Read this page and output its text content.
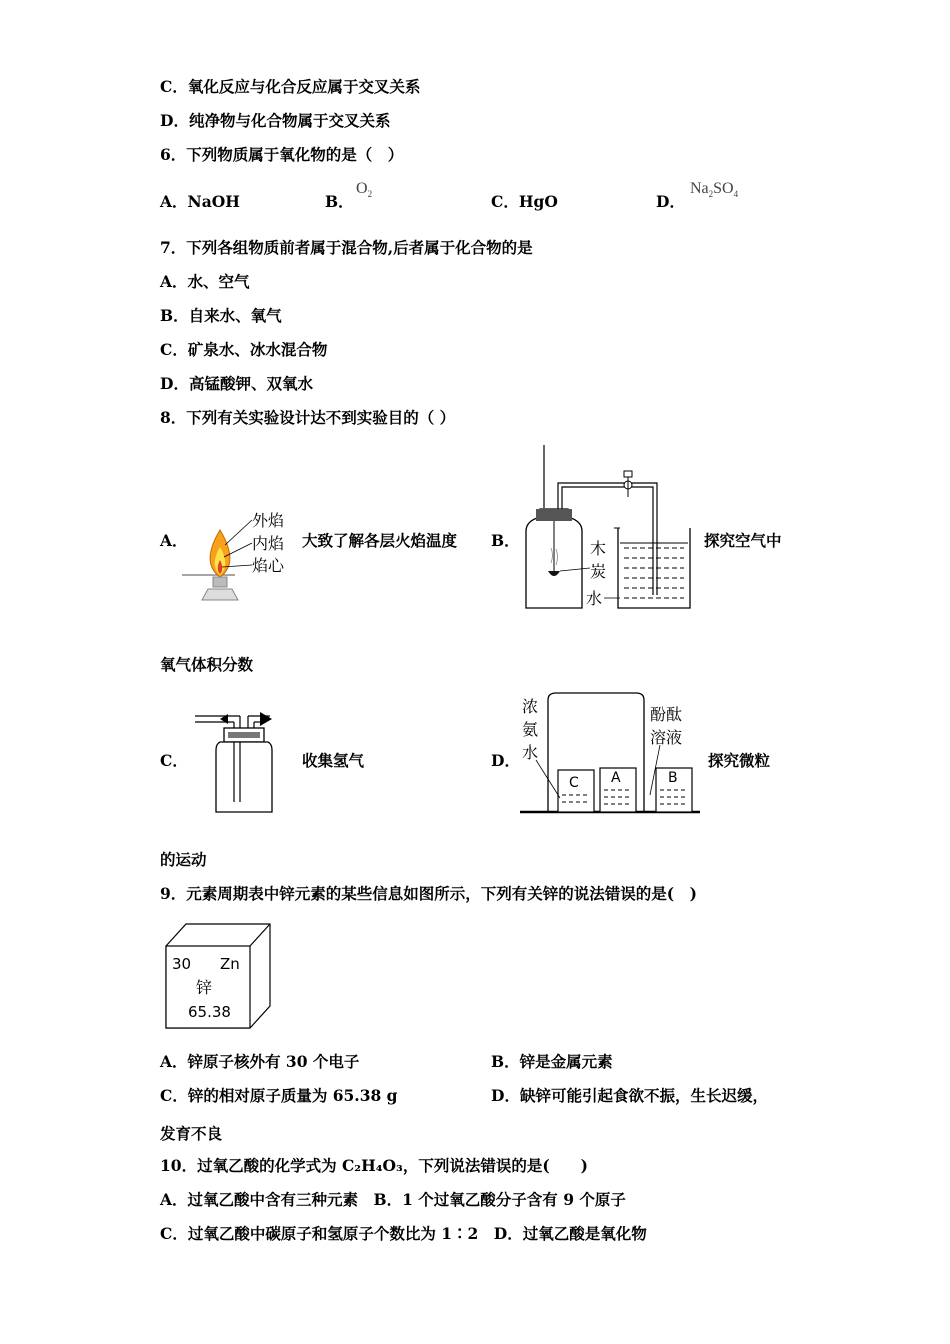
C．氧化反应与化合反应属于交叉关系
D．纯净物与化合物属于交叉关系
6．下列物质属于氧化物的是（　）
A．NaOH	B．
$O_2$	C．HgO	D．
$Na_2SO_4$
7．下列各组物质前者属于混合物,后者属于化合物的是
A．水、空气
B．自来水、氧气
C．矿泉水、冰水混合物
D．高锰酸钾、双氧水
8．下列有关实验设计达不到实验目的（ ）
A．
外焰
内焰
焰心
大致了解各层火焰温度 B．	木
炭
水
探究空气中
氧气体积分数
C．	收集氢气	D．
浓
氨
水
酚酞
溶液
C A	B
探究微粒
的运动
9．元素周期表中锌元素的某些信息如图所示，下列有关锌的说法错误的是(　)
30 Zn
锌
65.38
A．锌原子核外有 30 个电子	B．锌是金属元素
C．锌的相对原子质量为 65.38 g	D．缺锌可能引起食欲不振，生长迟缓，
发育不良
10．过氧乙酸的化学式为 C₂H₄O₃，下列说法错误的是(　　)
A．过氧乙酸中含有三种元素　B．1 个过氧乙酸分子含有 9 个原子
C．过氧乙酸中碳原子和氢原子个数比为 1∶2　D．过氧乙酸是氧化物
